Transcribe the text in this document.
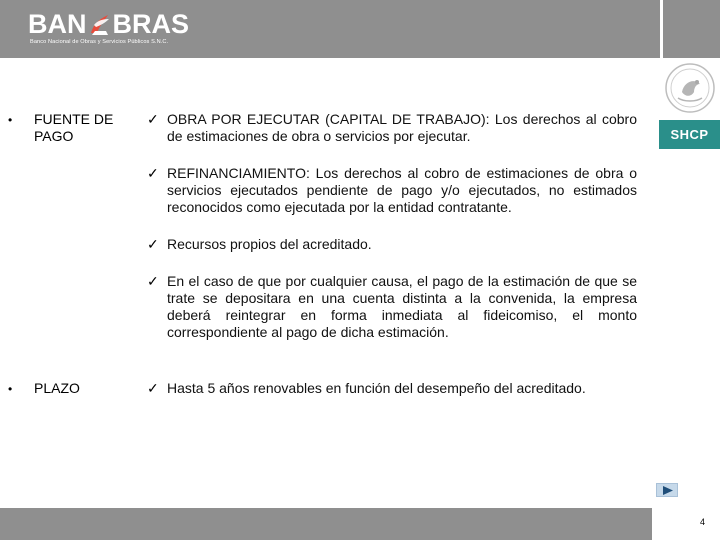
BAN BRAS
Banco Nacional de Obras y Servicios Públicos S.N.C.
SHCP
• FUENTE DE PAGO
✓ OBRA POR EJECUTAR (CAPITAL DE TRABAJO): Los derechos al cobro de estimaciones de obra o servicios por ejecutar.
✓ REFINANCIAMIENTO: Los derechos al cobro de estimaciones de obra o servicios ejecutados pendiente de pago y/o ejecutados, no estimados reconocidos como ejecutada por la entidad contratante.
✓ Recursos propios del acreditado.
✓ En el caso de que por cualquier causa, el pago de la estimación de que se trate se depositara en una cuenta distinta a la convenida, la empresa deberá reintegrar en forma inmediata al fideicomiso, el monto correspondiente al pago de dicha estimación.
• PLAZO	✓ Hasta 5 años renovables en función del desempeño del acreditado.
4
